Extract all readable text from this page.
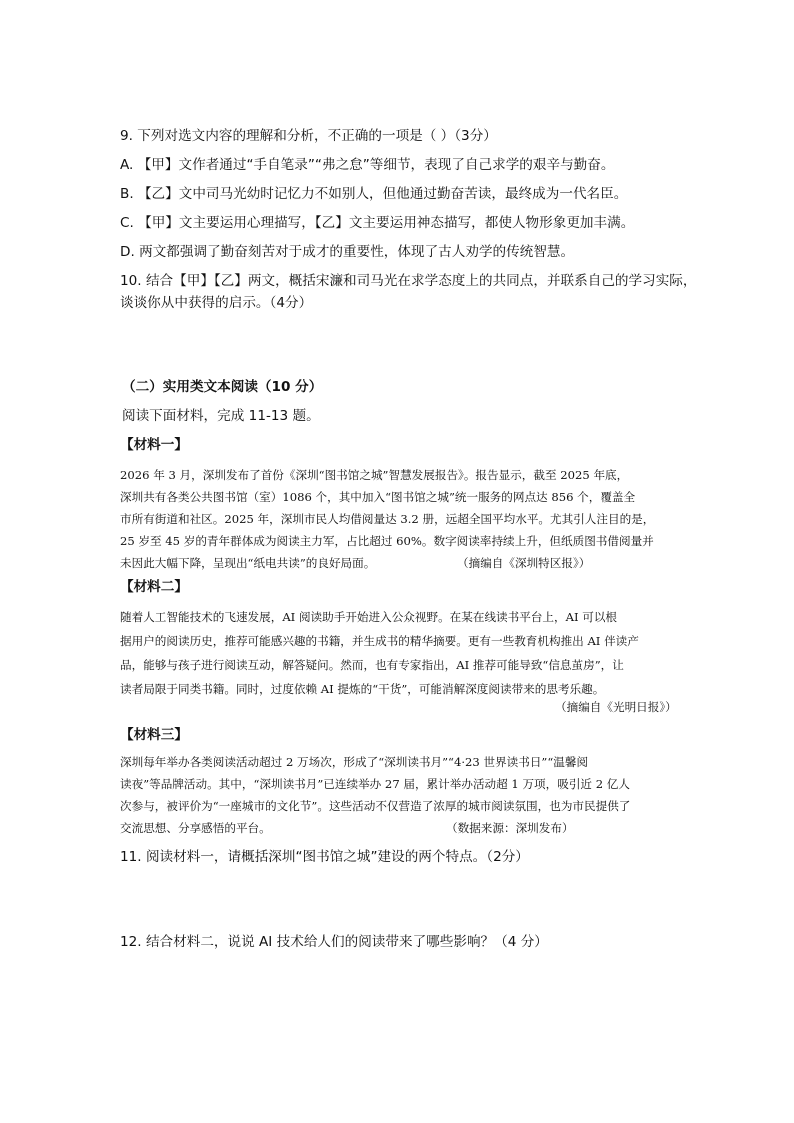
9. 下列对选文内容的理解和分析，不正确的一项是（ ）（3分）
A. 【甲】文作者通过“手自笔录”“弗之怠”等细节，表现了自己求学的艰辛与勤奋。
B. 【乙】文中司马光幼时记忆力不如别人，但他通过勤奋苦读，最终成为一代名臣。
C. 【甲】文主要运用心理描写，【乙】文主要运用神态描写，都使人物形象更加丰满。
D. 两文都强调了勤奋刻苦对于成才的重要性，体现了古人劝学的传统智慧。
10. 结合【甲】【乙】两文，概括宋濂和司马光在求学态度上的共同点，并联系自己的学习实际，
谈谈你从中获得的启示。（4分）
（二）实用类文本阅读（10 分）
阅读下面材料，完成 11-13 题。
【材料一】
2026 年 3 月，深圳发布了首份《深圳“图书馆之城”智慧发展报告》。报告显示，截至 2025 年底，
深圳共有各类公共图书馆（室）1086 个，其中加入“图书馆之城”统一服务的网点达 856 个，覆盖全
市所有街道和社区。2025 年，深圳市民人均借阅量达 3.2 册，远超全国平均水平。尤其引人注目的是，
25 岁至 45 岁的青年群体成为阅读主力军，占比超过 60%。数字阅读率持续上升，但纸质图书借阅量并
未因此大幅下降，呈现出“纸电共读”的良好局面。	（摘编自《深圳特区报》）
【材料二】
随着人工智能技术的飞速发展，AI 阅读助手开始进入公众视野。在某在线读书平台上，AI 可以根
据用户的阅读历史，推荐可能感兴趣的书籍，并生成书的精华摘要。更有一些教育机构推出 AI 伴读产
品，能够与孩子进行阅读互动，解答疑问。然而，也有专家指出，AI 推荐可能导致“信息茧房”，让
读者局限于同类书籍。同时，过度依赖 AI 提炼的“干货”，可能消解深度阅读带来的思考乐趣。
（摘编自《光明日报》）
【材料三】
深圳每年举办各类阅读活动超过 2 万场次，形成了“深圳读书月”“4·23 世界读书日”“温馨阅
读夜”等品牌活动。其中，“深圳读书月”已连续举办 27 届，累计举办活动超 1 万项，吸引近 2 亿人
次参与，被评价为“一座城市的文化节”。这些活动不仅营造了浓厚的城市阅读氛围，也为市民提供了
交流思想、分享感悟的平台。	（数据来源：深圳发布）
11. 阅读材料一，请概括深圳“图书馆之城”建设的两个特点。（2分）
12. 结合材料二，说说 AI 技术给人们的阅读带来了哪些影响？（4 分）
